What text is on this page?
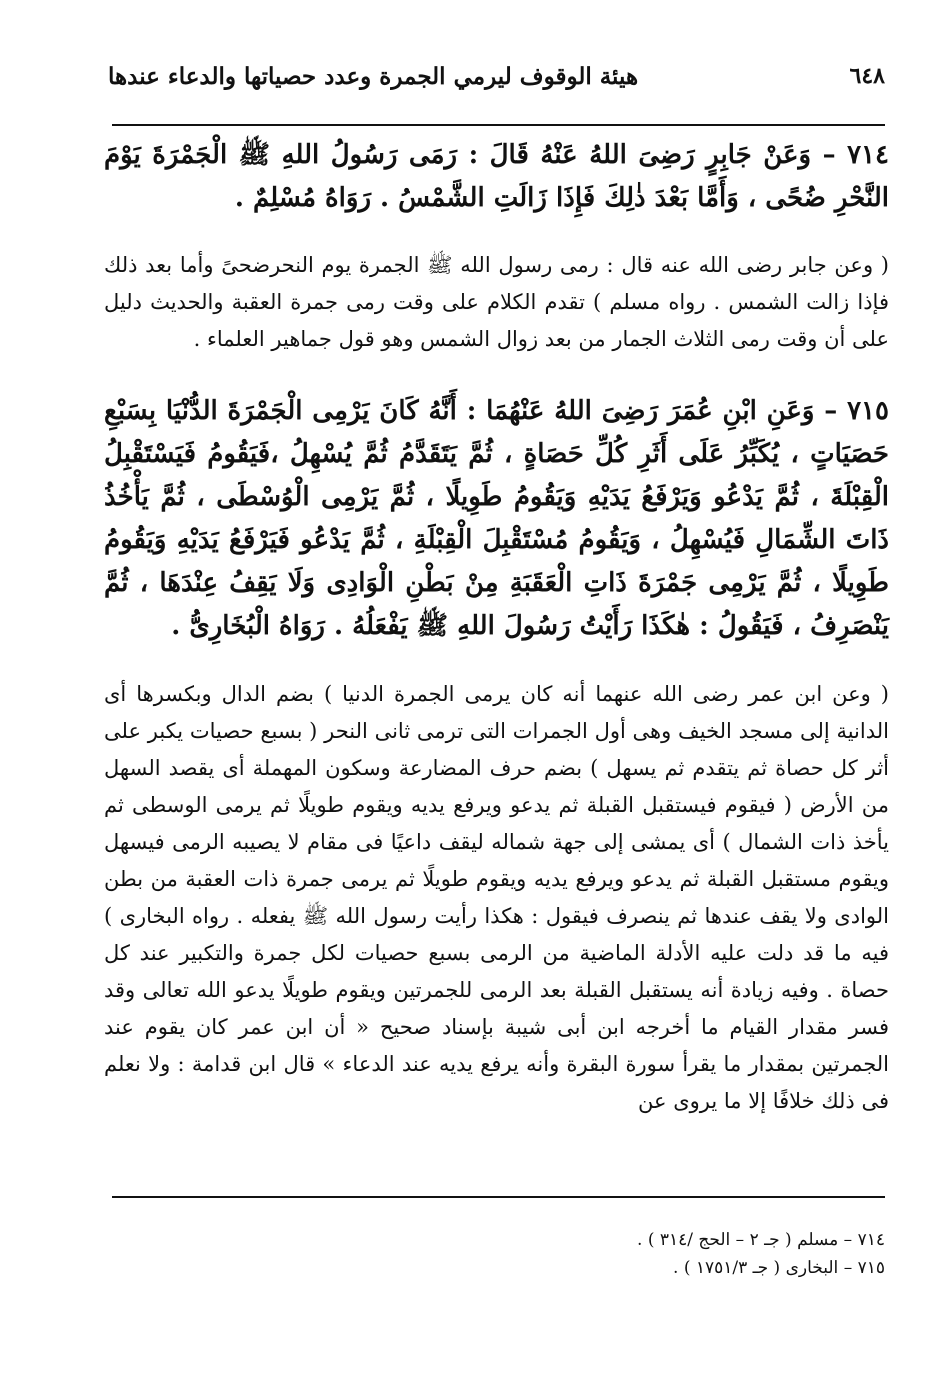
٦٤٨
هيئة الوقوف ليرمي الجمرة وعدد حصياتها والدعاء عندها
٧١٤ – وَعَنْ جَابِرٍ رَضِىَ اللهُ عَنْهُ قَالَ : رَمَى رَسُولُ اللهِ ﷺ الْجَمْرَةَ يَوْمَ النَّحْرِ ضُحًى ، وَأَمَّا بَعْدَ ذٰلِكَ فَإِذَا زَالَتِ الشَّمْسُ . رَوَاهُ مُسْلِمٌ .
( وعن جابر رضى الله عنه قال : رمى رسول الله ﷺ الجمرة يوم النحرضحىً وأما بعد ذلك فإذا زالت الشمس . رواه مسلم ) تقدم الكلام على وقت رمى جمرة العقبة والحديث دليل على أن وقت رمى الثلاث الجمار من بعد زوال الشمس وهو قول جماهير العلماء .
٧١٥ – وَعَنِ ابْنِ عُمَرَ رَضِىَ اللهُ عَنْهُمَا : أَنَّهُ كَانَ يَرْمِى الْجَمْرَةَ الدُّنْيَا بِسَبْعِ حَصَيَاتٍ ، يُكَبِّرُ عَلَى أَثَرِ كُلِّ حَصَاةٍ ، ثُمَّ يَتَقَدَّمُ ثُمَّ يُسْهِلُ ،فَيَقُومُ فَيَسْتَقْبِلُ الْقِبْلَةَ ، ثُمَّ يَدْعُو وَيَرْفَعُ يَدَيْهِ وَيَقُومُ طَوِيلًا ، ثُمَّ يَرْمِى الْوُسْطَى ، ثُمَّ يَأْخُذُ ذَاتَ الشِّمَالِ فَيُسْهِلُ ، وَيَقُومُ مُسْتَقْبِلَ الْقِبْلَةِ ، ثُمَّ يَدْعُو فَيَرْفَعُ يَدَيْهِ وَيَقُومُ طَوِيلًا ، ثُمَّ يَرْمِى جَمْرَةَ ذَاتِ الْعَقَبَةِ مِنْ بَطْنِ الْوَادِى وَلَا يَقِفُ عِنْدَهَا ، ثُمَّ يَنْصَرِفُ ، فَيَقُولُ : هٰكَذَا رَأَيْتُ رَسُولَ اللهِ ﷺ يَفْعَلُهُ . رَوَاهُ الْبُخَارِىُّ .
( وعن ابن عمر رضى الله عنهما أنه كان يرمى الجمرة الدنيا ) بضم الدال وبكسرها أى الدانية إلى مسجد الخيف وهى أول الجمرات التى ترمى ثانى النحر ( بسبع حصيات يكبر على أثر كل حصاة ثم يتقدم ثم يسهل ) بضم حرف المضارعة وسكون المهملة أى يقصد السهل من الأرض ( فيقوم فيستقبل القبلة ثم يدعو ويرفع يديه ويقوم طويلًا ثم يرمى الوسطى ثم يأخذ ذات الشمال ) أى يمشى إلى جهة شماله ليقف داعيًا فى مقام لا يصيبه الرمى فيسهل ويقوم مستقبل القبلة ثم يدعو ويرفع يديه ويقوم طويلًا ثم يرمى جمرة ذات العقبة من بطن الوادى ولا يقف عندها ثم ينصرف فيقول : هكذا رأيت رسول الله ﷺ يفعله . رواه البخارى ) فيه ما قد دلت عليه الأدلة الماضية من الرمى بسبع حصيات لكل جمرة والتكبير عند كل حصاة . وفيه زيادة أنه يستقبل القبلة بعد الرمى للجمرتين ويقوم طويلًا يدعو الله تعالى وقد فسر مقدار القيام ما أخرجه ابن أبى شيبة بإسناد صحيح « أن ابن عمر كان يقوم عند الجمرتين بمقدار ما يقرأ سورة البقرة وأنه يرفع يديه عند الدعاء » قال ابن قدامة : ولا نعلم فى ذلك خلافًا إلا ما يروى عن
٧١٤ – مسلم ( جـ ٢ – الحج /٣١٤ ) .
٧١٥ – البخارى ( جـ ١٧٥١/٣ ) .
